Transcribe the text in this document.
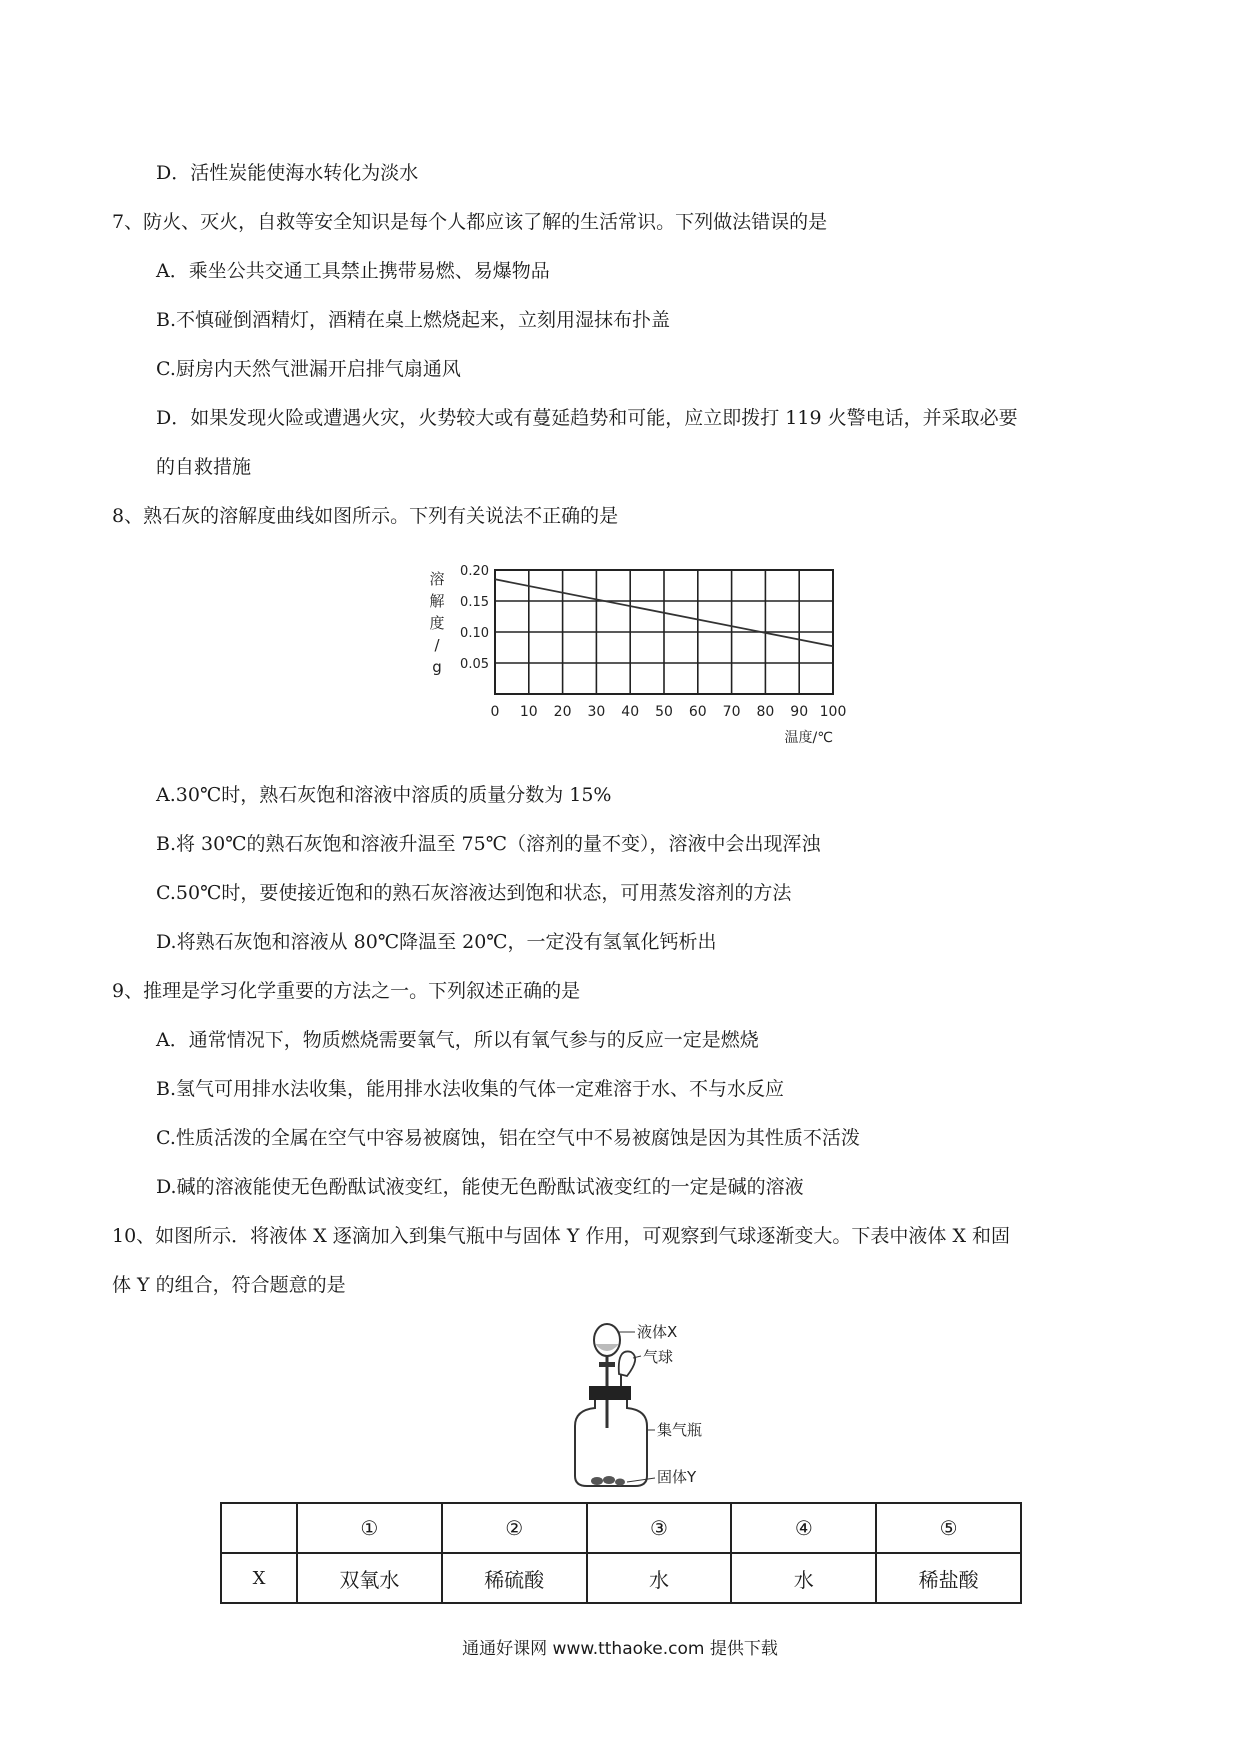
D．活性炭能使海水转化为淡水
7、防火、灭火，自救等安全知识是每个人都应该了解的生活常识。下列做法错误的是
A．乘坐公共交通工具禁止携带易燃、易爆物品
B.不慎碰倒酒精灯，酒精在桌上燃烧起来，立刻用湿抹布扑盖
C.厨房内天然气泄漏开启排气扇通风
D．如果发现火险或遭遇火灾，火势较大或有蔓延趋势和可能，应立即拨打 119 火警电话，并采取必要
的自救措施
8、熟石灰的溶解度曲线如图所示。下列有关说法不正确的是
0 10 20 30 40 50 60 70 80 90 100
0.05
0.10
0.15
0.20
溶
解
度
/
g
温度/℃
A.30℃时，熟石灰饱和溶液中溶质的质量分数为 15%
B.将 30℃的熟石灰饱和溶液升温至 75℃（溶剂的量不变），溶液中会出现浑浊
C.50℃时，要使接近饱和的熟石灰溶液达到饱和状态，可用蒸发溶剂的方法
D.将熟石灰饱和溶液从 80℃降温至 20℃，一定没有氢氧化钙析出
9、推理是学习化学重要的方法之一。下列叙述正确的是
A．通常情况下，物质燃烧需要氧气，所以有氧气参与的反应一定是燃烧
B.氢气可用排水法收集，能用排水法收集的气体一定难溶于水、不与水反应
C.性质活泼的全属在空气中容易被腐蚀，铝在空气中不易被腐蚀是因为其性质不活泼
D.碱的溶液能使无色酚酞试液变红，能使无色酚酞试液变红的一定是碱的溶液
10、如图所示．将液体 X 逐滴加入到集气瓶中与固体 Y 作用，可观察到气球逐渐变大。下表中液体 X 和固
体 Y 的组合，符合题意的是
液体X
气球
集气瓶
固体Y
	①	②	③	④	⑤
X	双氧水	稀硫酸	水	水	稀盐酸
通通好课网 www.tthaoke.com 提供下载
